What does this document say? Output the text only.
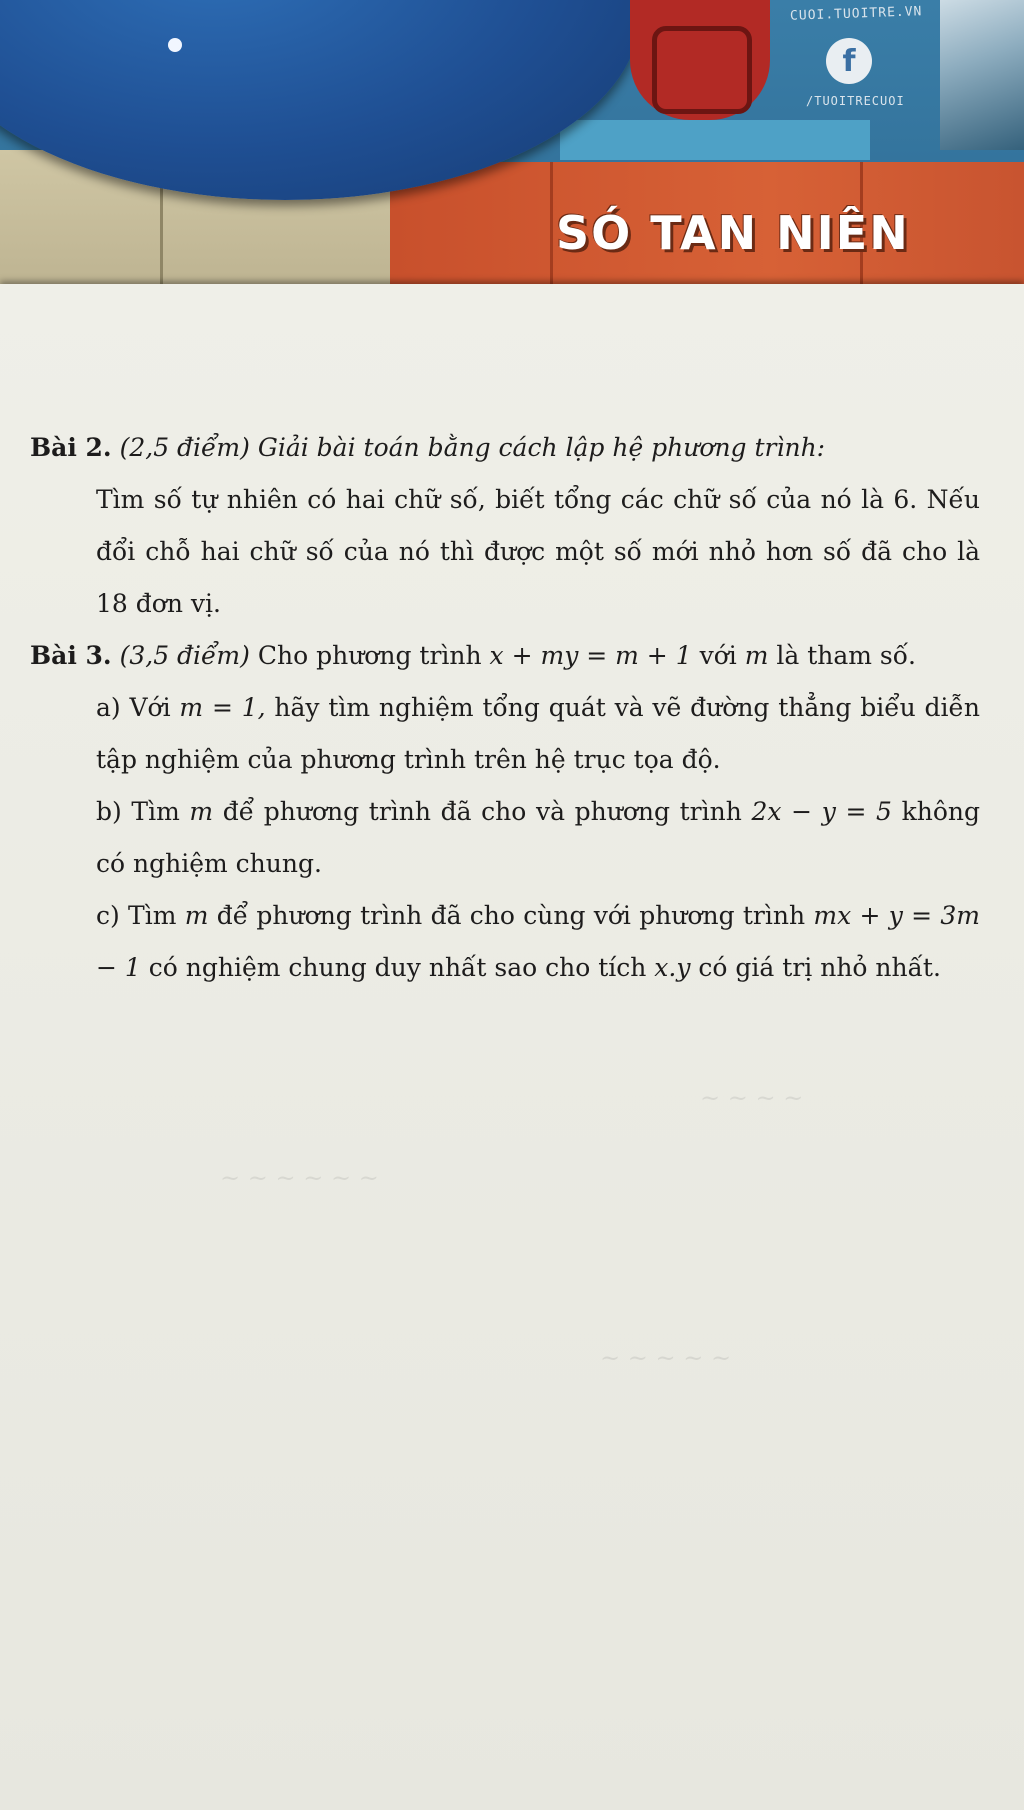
CUOI.TUOITRE.VN
f
/TUOITRECUOI
SÓ TAN NIÊN
~ ~ ~ ~
~ ~ ~ ~ ~ ~
~ ~ ~ ~ ~

Bài 2. (2,5 điểm) Giải bài toán bằng cách lập hệ phương trình:

Tìm số tự nhiên có hai chữ số, biết tổng các chữ số của nó là 6. Nếu đổi chỗ hai chữ số của nó thì được một số mới nhỏ hơn số đã cho là 18 đơn vị.

Bài 3. (3,5 điểm) Cho phương trình x + my = m + 1 với m là tham số.

a) Với m = 1, hãy tìm nghiệm tổng quát và vẽ đường thẳng biểu diễn tập nghiệm của phương trình trên hệ trục tọa độ.

b) Tìm m để phương trình đã cho và phương trình 2x − y = 5 không có nghiệm chung.

c) Tìm m để phương trình đã cho cùng với phương trình mx + y = 3m − 1 có nghiệm chung duy nhất sao cho tích x.y có giá trị nhỏ nhất.
